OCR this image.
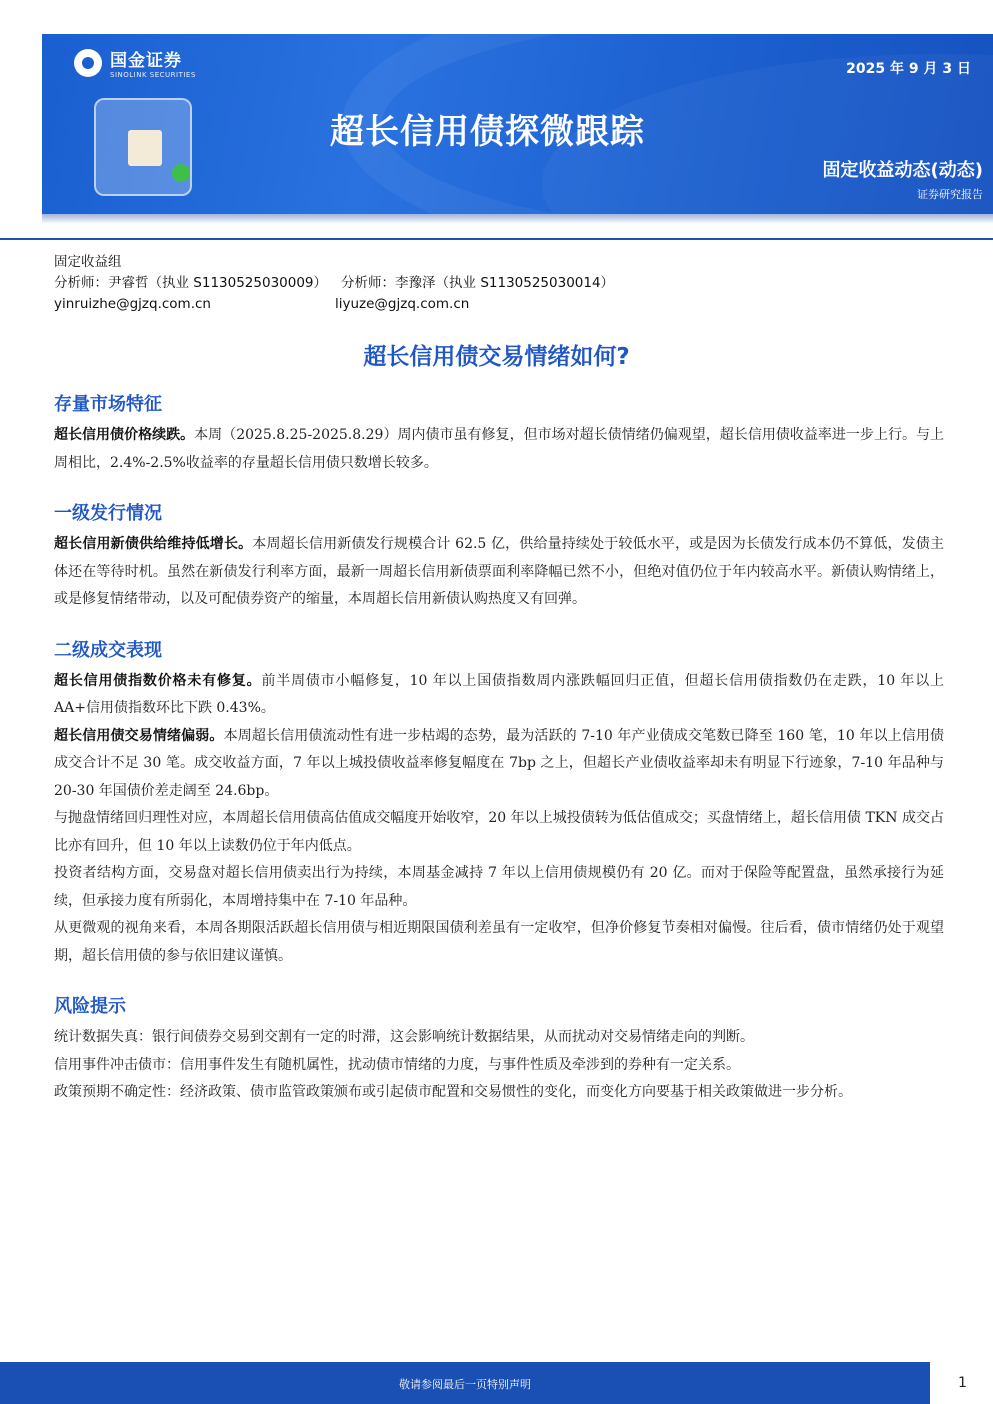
国金证券
SINOLINK SECURITIES	2025 年 9 月 3 日
超长信用债探微跟踪
固定收益动态(动态)
证券研究报告
固定收益组
分析师：尹睿哲（执业 S1130525030009） 分析师：李豫泽（执业 S1130525030014）
yinruizhe@gjzq.com.cn	liyuze@gjzq.com.cn
超长信用债交易情绪如何?
存量市场特征

超长信用债价格续跌。本周（2025.8.25-2025.8.29）周内债市虽有修复，但市场对超长债情绪仍偏观望，超长信用债收益率进一步上行。与上周相比，2.4%-2.5%收益率的存量超长信用债只数增长较多。

一级发行情况

超长信用新债供给维持低增长。本周超长信用新债发行规模合计 62.5 亿，供给量持续处于较低水平，或是因为长债发行成本仍不算低，发债主体还在等待时机。虽然在新债发行利率方面，最新一周超长信用新债票面利率降幅已然不小，但绝对值仍位于年内较高水平。新债认购情绪上，或是修复情绪带动，以及可配债券资产的缩量，本周超长信用新债认购热度又有回弹。

二级成交表现

超长信用债指数价格未有修复。前半周债市小幅修复，10 年以上国债指数周内涨跌幅回归正值，但超长信用债指数仍在走跌，10 年以上 AA+信用债指数环比下跌 0.43%。

超长信用债交易情绪偏弱。本周超长信用债流动性有进一步枯竭的态势，最为活跃的 7-10 年产业债成交笔数已降至 160 笔，10 年以上信用债成交合计不足 30 笔。成交收益方面，7 年以上城投债收益率修复幅度在 7bp 之上，但超长产业债收益率却未有明显下行迹象，7-10 年品种与 20-30 年国债价差走阔至 24.6bp。

与抛盘情绪回归理性对应，本周超长信用债高估值成交幅度开始收窄，20 年以上城投债转为低估值成交；买盘情绪上，超长信用债 TKN 成交占比亦有回升，但 10 年以上读数仍位于年内低点。

投资者结构方面，交易盘对超长信用债卖出行为持续，本周基金减持 7 年以上信用债规模仍有 20 亿。而对于保险等配置盘，虽然承接行为延续，但承接力度有所弱化，本周增持集中在 7-10 年品种。

从更微观的视角来看，本周各期限活跃超长信用债与相近期限国债利差虽有一定收窄，但净价修复节奏相对偏慢。往后看，债市情绪仍处于观望期，超长信用债的参与依旧建议谨慎。

风险提示

统计数据失真：银行间债券交易到交割有一定的时滞，这会影响统计数据结果，从而扰动对交易情绪走向的判断。

信用事件冲击债市：信用事件发生有随机属性，扰动债市情绪的力度，与事件性质及牵涉到的券种有一定关系。

政策预期不确定性：经济政策、债市监管政策颁布或引起债市配置和交易惯性的变化，而变化方向要基于相关政策做进一步分析。

敬请参阅最后一页特别声明	1
